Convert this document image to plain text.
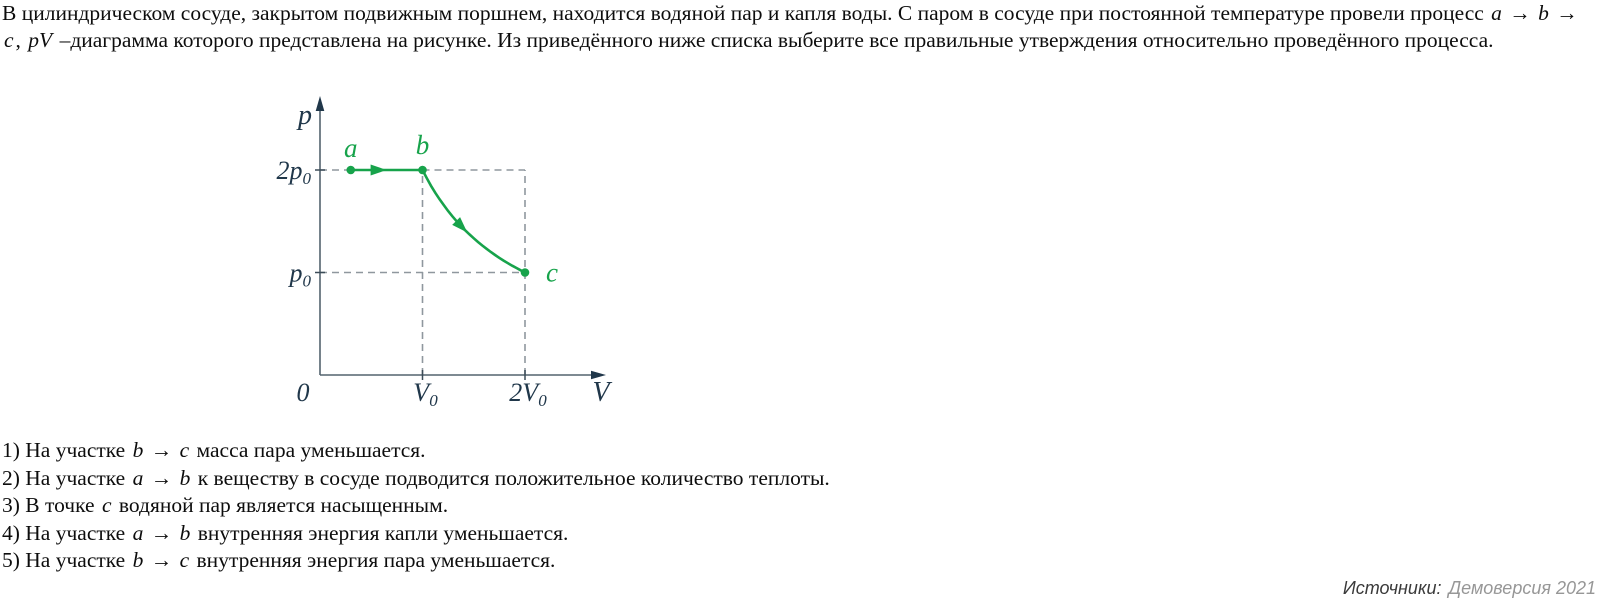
В цилиндрическом сосуде, закрытом подвижным поршнем, находится водяной пар и капля воды. С паром в сосуде при постоянной температуре провели процесс a → b → c, pV –диаграмма которого представлена на рисунке. Из приведённого ниже списка выберите все правильные утверждения относительно проведённого процесса.

V0	2V0
p0
2p0
p
V
0
a b
c
1) На участке b → c масса пара уменьшается.
2) На участке a → b к веществу в сосуде подводится положительное количество теплоты.
3) В точке c водяной пар является насыщенным.
4) На участке a → b внутренняя энергия капли уменьшается.
5) На участке b → c внутренняя энергия пара уменьшается.
Источники: Демоверсия 2021
